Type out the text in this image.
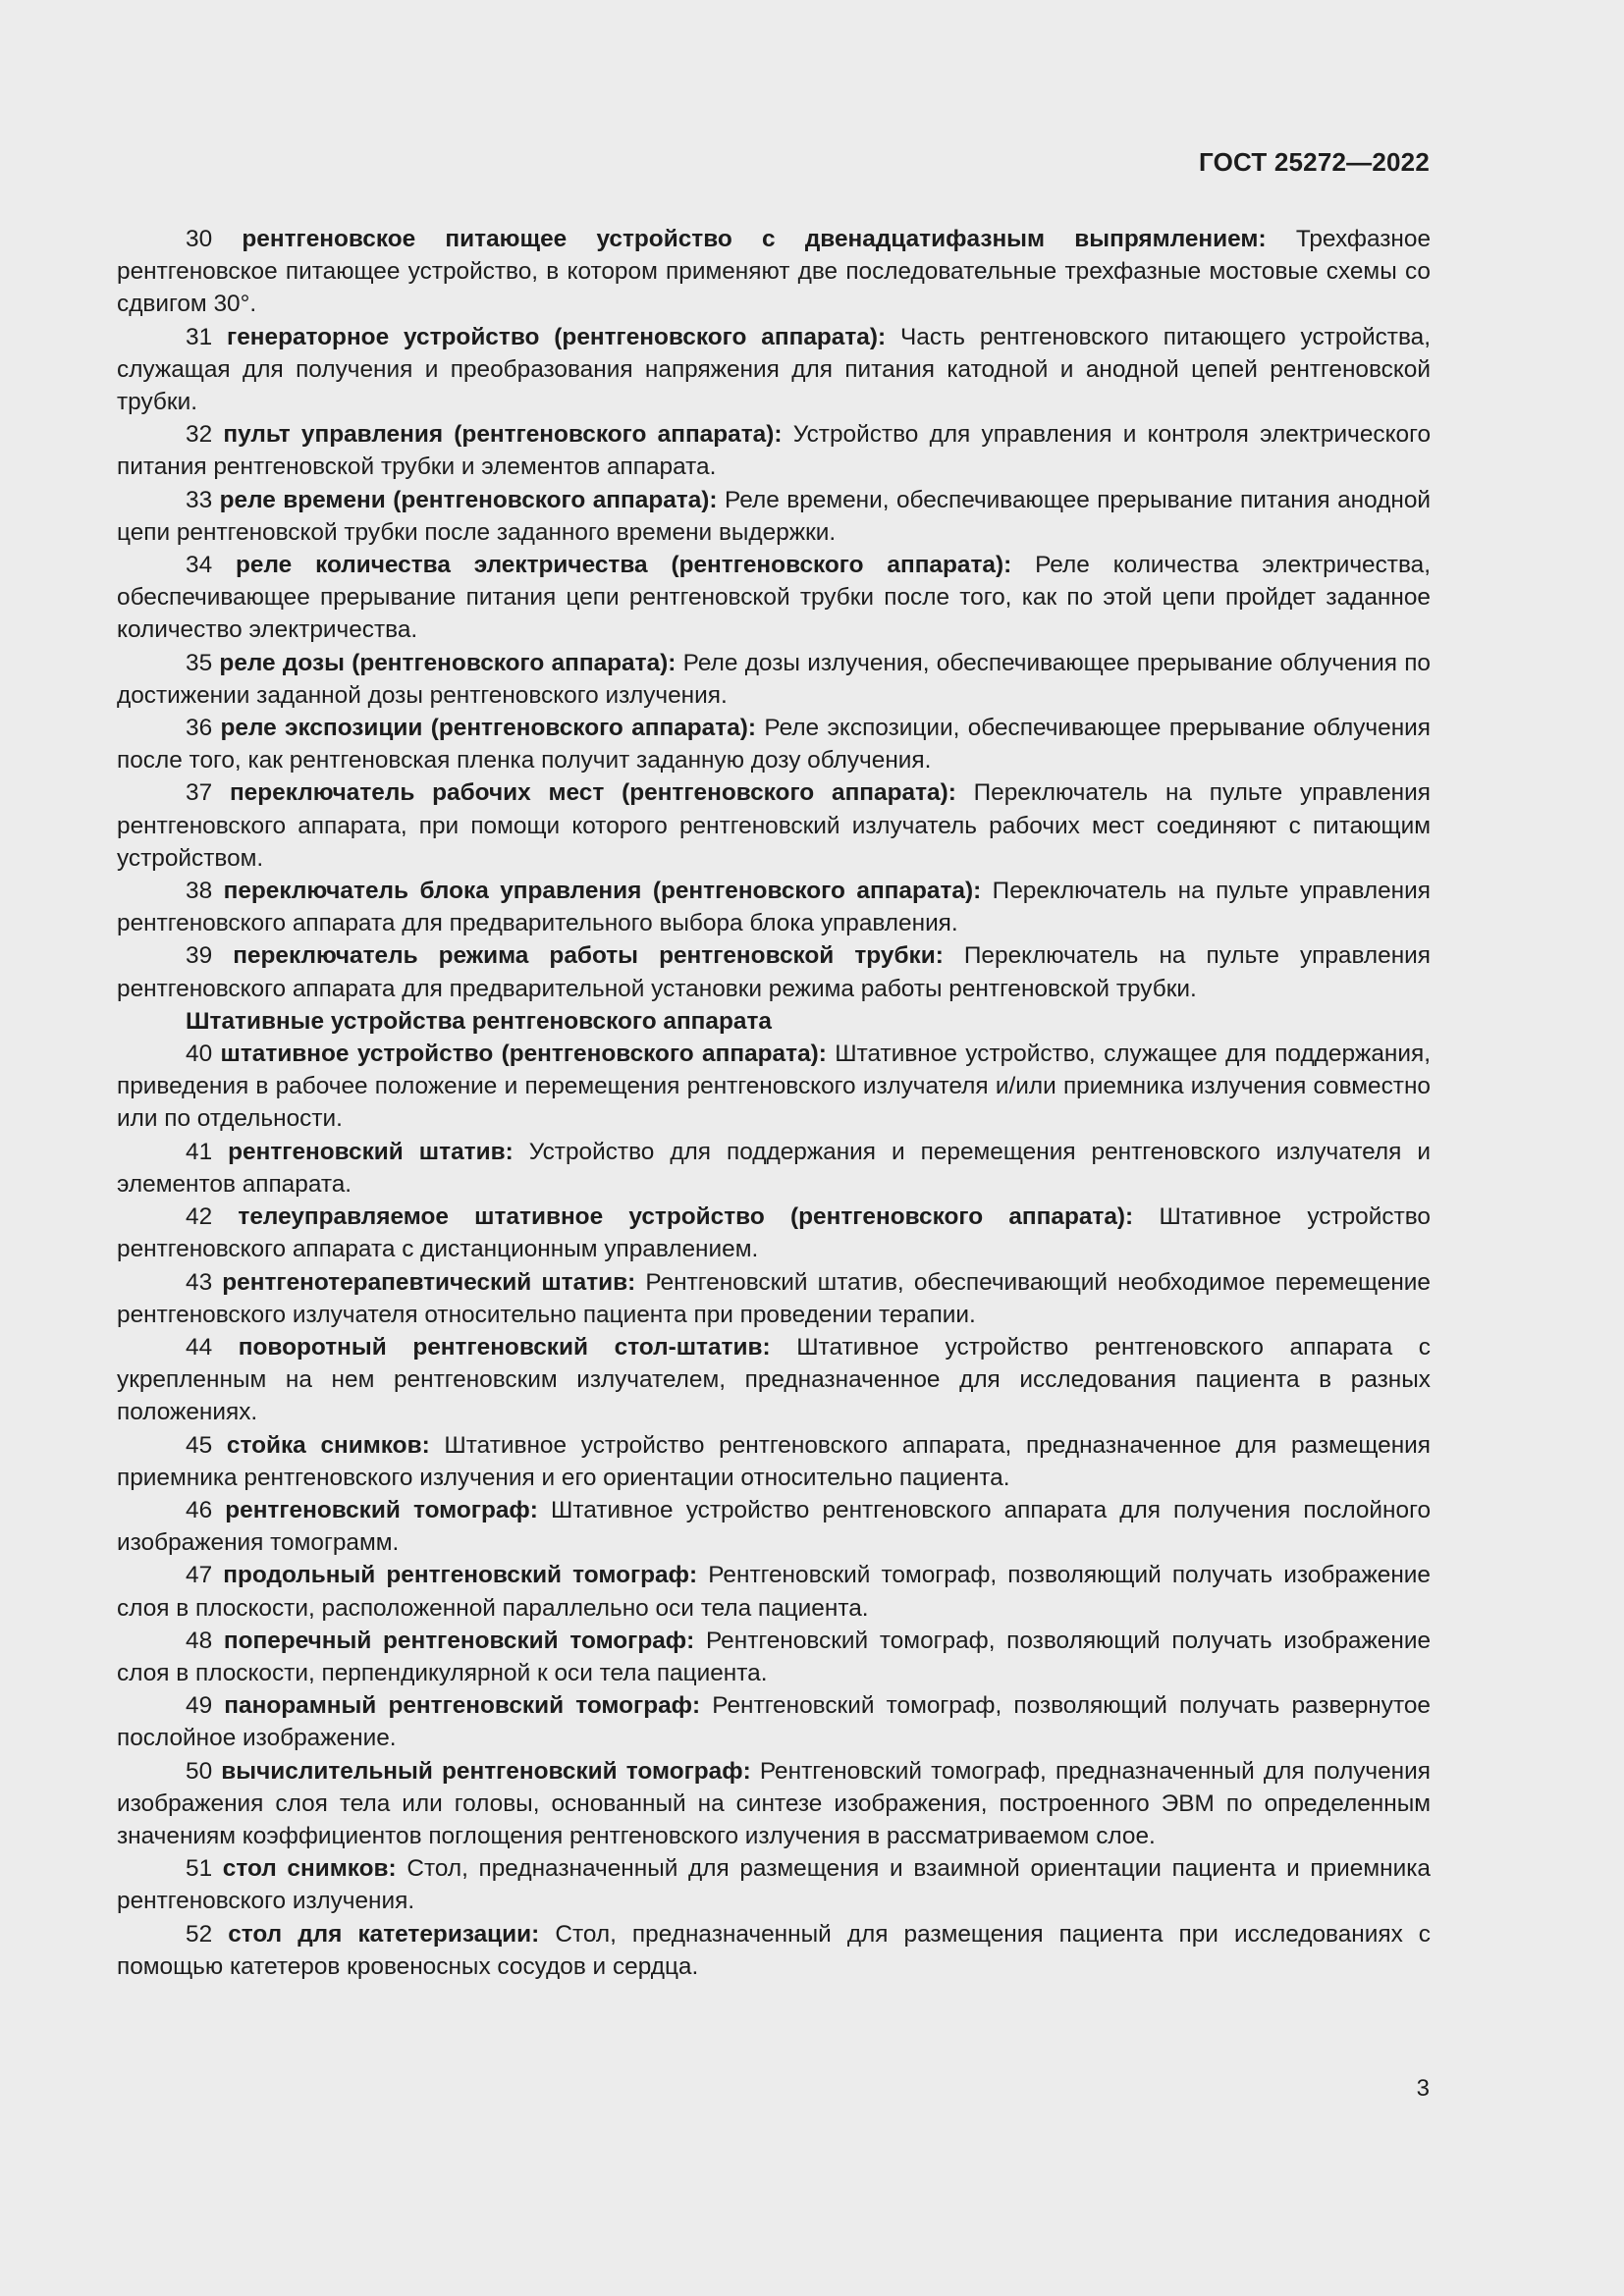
ГОСТ 25272—2022

30 рентгеновское питающее устройство с двенадцатифазным выпрямлением: Трехфазное рентгеновское питающее устройство, в котором применяют две последовательные трехфазные мостовые схемы со сдвигом 30°.

31 генераторное устройство (рентгеновского аппарата): Часть рентгеновского питающего устройства, служащая для получения и преобразования напряжения для питания катодной и анодной цепей рентгеновской трубки.

32 пульт управления (рентгеновского аппарата): Устройство для управления и контроля электрического питания рентгеновской трубки и элементов аппарата.

33 реле времени (рентгеновского аппарата): Реле времени, обеспечивающее прерывание питания анодной цепи рентгеновской трубки после заданного времени выдержки.

34 реле количества электричества (рентгеновского аппарата): Реле количества электричества, обеспечивающее прерывание питания цепи рентгеновской трубки после того, как по этой цепи пройдет заданное количество электричества.

35 реле дозы (рентгеновского аппарата): Реле дозы излучения, обеспечивающее прерывание облучения по достижении заданной дозы рентгеновского излучения.

36 реле экспозиции (рентгеновского аппарата): Реле экспозиции, обеспечивающее прерывание облучения после того, как рентгеновская пленка получит заданную дозу облучения.

37 переключатель рабочих мест (рентгеновского аппарата): Переключатель на пульте управления рентгеновского аппарата, при помощи которого рентгеновский излучатель рабочих мест соединяют с питающим устройством.

38 переключатель блока управления (рентгеновского аппарата): Переключатель на пульте управления рентгеновского аппарата для предварительного выбора блока управления.

39 переключатель режима работы рентгеновской трубки: Переключатель на пульте управления рентгеновского аппарата для предварительной установки режима работы рентгеновской трубки.

Штативные устройства рентгеновского аппарата

40 штативное устройство (рентгеновского аппарата): Штативное устройство, служащее для поддержания, приведения в рабочее положение и перемещения рентгеновского излучателя и/или приемника излучения совместно или по отдельности.

41 рентгеновский штатив: Устройство для поддержания и перемещения рентгеновского излучателя и элементов аппарата.

42 телеуправляемое штативное устройство (рентгеновского аппарата): Штативное устройство рентгеновского аппарата с дистанционным управлением.

43 рентгенотерапевтический штатив: Рентгеновский штатив, обеспечивающий необходимое перемещение рентгеновского излучателя относительно пациента при проведении терапии.

44 поворотный рентгеновский стол-штатив: Штативное устройство рентгеновского аппарата с укрепленным на нем рентгеновским излучателем, предназначенное для исследования пациента в разных положениях.

45 стойка снимков: Штативное устройство рентгеновского аппарата, предназначенное для размещения приемника рентгеновского излучения и его ориентации относительно пациента.

46 рентгеновский томограф: Штативное устройство рентгеновского аппарата для получения послойного изображения томограмм.

47 продольный рентгеновский томограф: Рентгеновский томограф, позволяющий получать изображение слоя в плоскости, расположенной параллельно оси тела пациента.

48 поперечный рентгеновский томограф: Рентгеновский томограф, позволяющий получать изображение слоя в плоскости, перпендикулярной к оси тела пациента.

49 панорамный рентгеновский томограф: Рентгеновский томограф, позволяющий получать развернутое послойное изображение.

50 вычислительный рентгеновский томограф: Рентгеновский томограф, предназначенный для получения изображения слоя тела или головы, основанный на синтезе изображения, построенного ЭВМ по определенным значениям коэффициентов поглощения рентгеновского излучения в рассматриваемом слое.

51 стол снимков: Стол, предназначенный для размещения и взаимной ориентации пациента и приемника рентгеновского излучения.

52 стол для катетеризации: Стол, предназначенный для размещения пациента при исследованиях с помощью катетеров кровеносных сосудов и сердца.

3
